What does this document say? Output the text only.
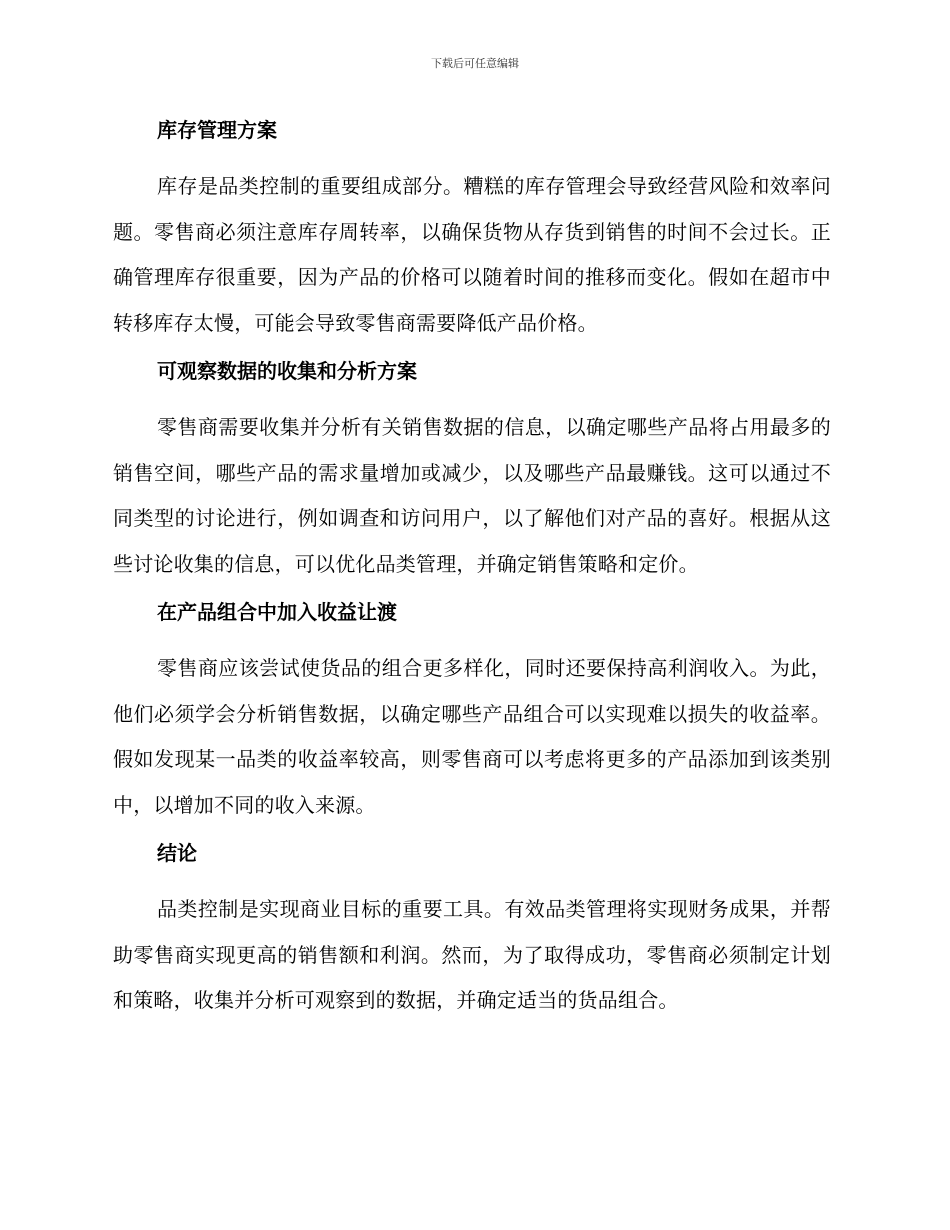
下载后可任意编辑
库存管理方案

库存是品类控制的重要组成部分。糟糕的库存管理会导致经营风险和效率问题。零售商必须注意库存周转率，以确保货物从存货到销售的时间不会过长。正确管理库存很重要，因为产品的价格可以随着时间的推移而变化。假如在超市中转移库存太慢，可能会导致零售商需要降低产品价格。

可观察数据的收集和分析方案

零售商需要收集并分析有关销售数据的信息，以确定哪些产品将占用最多的销售空间，哪些产品的需求量增加或减少，以及哪些产品最赚钱。这可以通过不同类型的讨论进行，例如调查和访问用户，以了解他们对产品的喜好。根据从这些讨论收集的信息，可以优化品类管理，并确定销售策略和定价。

在产品组合中加入收益让渡

零售商应该尝试使货品的组合更多样化，同时还要保持高利润收入。为此，他们必须学会分析销售数据，以确定哪些产品组合可以实现难以损失的收益率。假如发现某一品类的收益率较高，则零售商可以考虑将更多的产品添加到该类别中，以增加不同的收入来源。

结论

品类控制是实现商业目标的重要工具。有效品类管理将实现财务成果，并帮助零售商实现更高的销售额和利润。然而，为了取得成功，零售商必须制定计划和策略，收集并分析可观察到的数据，并确定适当的货品组合。
